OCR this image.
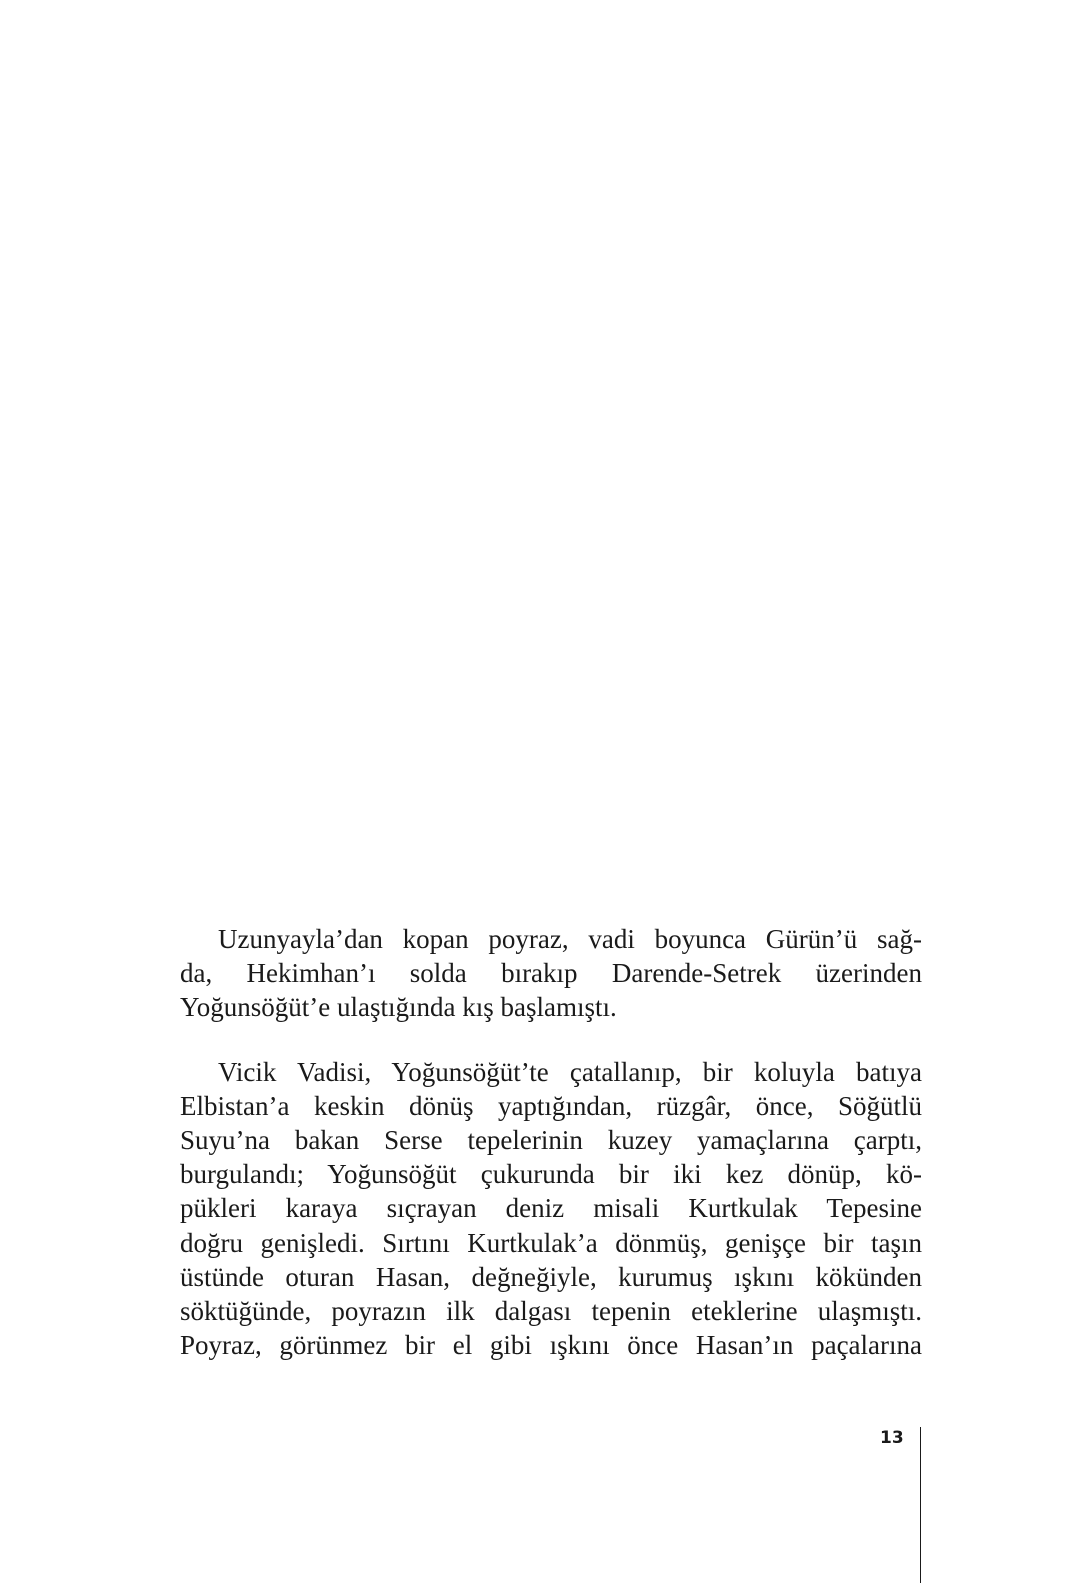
Uzunyayla’dan kopan poyraz, vadi boyunca Gürün’ü sağ-
da, Hekimhan’ı solda bırakıp Darende-Setrek üzerinden
Yoğunsöğüt’e ulaştığında kış başlamıştı.

Vicik Vadisi, Yoğunsöğüt’te çatallanıp, bir koluyla batıya
Elbistan’a keskin dönüş yaptığından, rüzgâr, önce, Söğütlü
Suyu’na bakan Serse tepelerinin kuzey yamaçlarına çarptı,
burgulandı; Yoğunsöğüt çukurunda bir iki kez dönüp, kö-
pükleri karaya sıçrayan deniz misali Kurtkulak Tepesine
doğru genişledi. Sırtını Kurtkulak’a dönmüş, genişçe bir taşın
üstünde oturan Hasan, değneğiyle, kurumuş ışkını kökünden
söktüğünde, poyrazın ilk dalgası tepenin eteklerine ulaşmıştı.
Poyraz, görünmez bir el gibi ışkını önce Hasan’ın paçalarına

13
